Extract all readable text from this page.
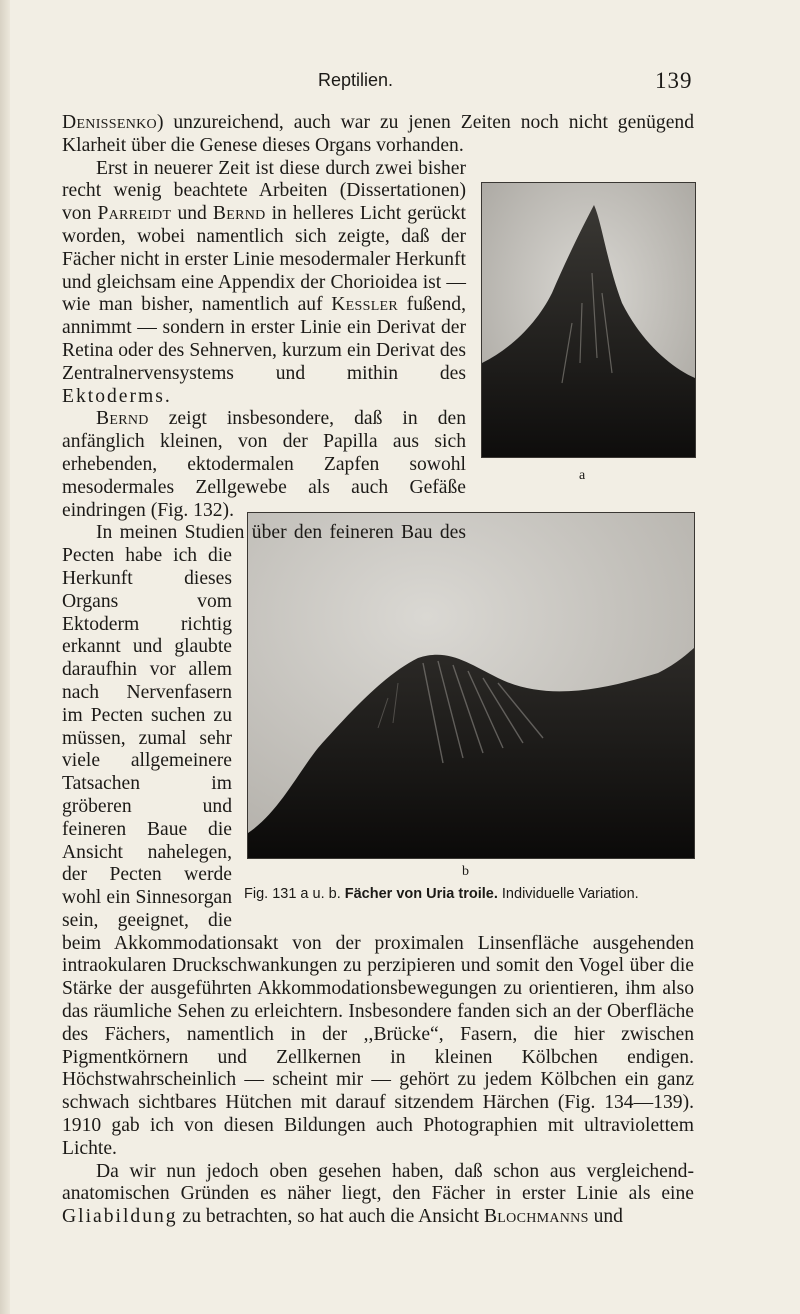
Reptilien.	139
a
b
Fig. 131 a u. b. Fächer von Uria troile. Individuelle Variation.

Denissenko) unzureichend, auch war zu jenen Zeiten noch nicht genügend Klarheit über die Genese dieses Organs vorhanden.

Erst in neuerer Zeit ist diese durch zwei bisher recht wenig beachtete Arbeiten (Dissertationen) von Parreidt und Bernd in helleres Licht gerückt worden, wobei namentlich sich zeigte, daß der Fächer nicht in erster Linie mesodermaler Herkunft und gleichsam eine Appendix der Chorioidea ist — wie man bisher, namentlich auf Kessler fußend, annimmt — sondern in erster Linie ein Derivat der Retina oder des Sehnerven, kurzum ein Derivat des Zentralnervensystems und mithin des Ektoderms.

Bernd zeigt insbesondere, daß in den anfänglich kleinen, von der Papilla aus sich erhebenden, ektodermalen Zapfen sowohl mesodermales Zellgewebe als auch Gefäße eindringen (Fig. 132).

In meinen Studien über den feineren Bau des Pecten habe ich die Herkunft dieses Organs vom Ektoderm richtig erkannt und glaubte daraufhin vor allem nach Nervenfasern im Pecten suchen zu müssen, zumal sehr viele allgemeinere Tatsachen im gröberen und feineren Baue die Ansicht nahelegen, der Pecten werde wohl ein Sinnesorgan sein, geeignet, die beim Akkommodationsakt von der proximalen Linsenfläche ausgehenden intraokularen Druckschwankungen zu perzipieren und somit den Vogel über die Stärke der ausgeführten Akkommodationsbewegungen zu orientieren, ihm also das räumliche Sehen zu erleichtern. Insbesondere fanden sich an der Oberfläche des Fächers, namentlich in der ,,Brücke“, Fasern, die hier zwischen Pigmentkörnern und Zellkernen in kleinen Kölbchen endigen. Höchstwahrscheinlich — scheint mir — gehört zu jedem Kölbchen ein ganz schwach sichtbares Hütchen mit darauf sitzendem Härchen (Fig. 134—139). 1910 gab ich von diesen Bildungen auch Photographien mit ultraviolettem Lichte.

Da wir nun jedoch oben gesehen haben, daß schon aus vergleichend-anatomischen Gründen es näher liegt, den Fächer in erster Linie als eine Gliabildung zu betrachten, so hat auch die Ansicht Blochmanns und
